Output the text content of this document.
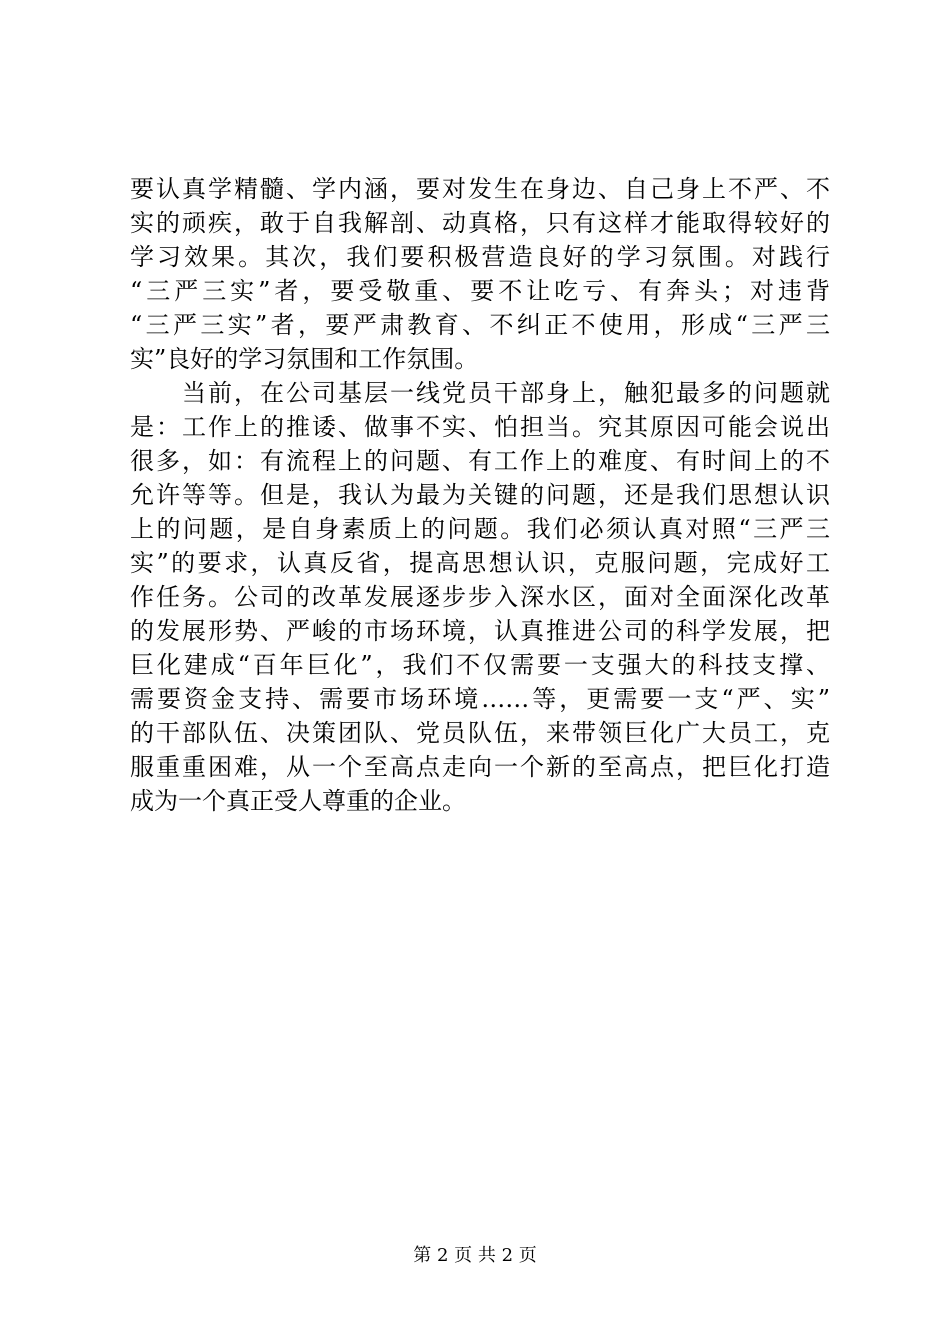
要认真学精髓、学内涵，要对发生在身边、自己身上不严、不
实的顽疾，敢于自我解剖、动真格，只有这样才能取得较好的
学习效果。其次，我们要积极营造良好的学习氛围。对践行
“三严三实”者，要受敬重、要不让吃亏、有奔头；对违背
“三严三实”者，要严肃教育、不纠正不使用，形成“三严三
实”良好的学习氛围和工作氛围。
　　当前，在公司基层一线党员干部身上，触犯最多的问题就
是：工作上的推诿、做事不实、怕担当。究其原因可能会说出
很多，如：有流程上的问题、有工作上的难度、有时间上的不
允许等等。但是，我认为最为关键的问题，还是我们思想认识
上的问题，是自身素质上的问题。我们必须认真对照“三严三
实”的要求，认真反省，提高思想认识，克服问题，完成好工
作任务。公司的改革发展逐步步入深水区，面对全面深化改革
的发展形势、严峻的市场环境，认真推进公司的科学发展，把
巨化建成“百年巨化”，我们不仅需要一支强大的科技支撑、
需要资金支持、需要市场环境……等，更需要一支“严、实”
的干部队伍、决策团队、党员队伍，来带领巨化广大员工，克
服重重困难，从一个至高点走向一个新的至高点，把巨化打造
成为一个真正受人尊重的企业。
第 2 页 共 2 页
